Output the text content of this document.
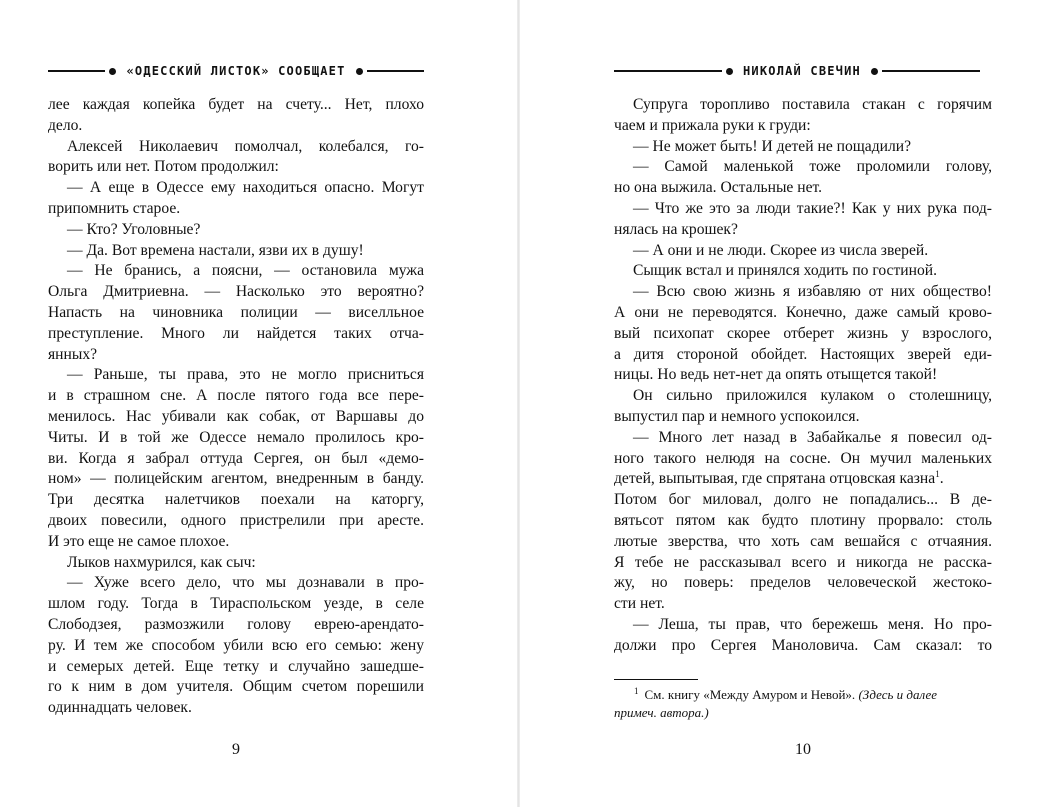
«ОДЕССКИЙ ЛИСТОК» СООБЩАЕТ
лее каждая копейка будет на счету... Нет, плохо
дело.
Алексей Николаевич помолчал, колебался, го-
ворить или нет. Потом продолжил:
— А еще в Одессе ему находиться опасно. Могут
припомнить старое.
— Кто? Уголовные?
— Да. Вот времена настали, язви их в душу!
— Не бранись, а поясни, — остановила мужа
Ольга Дмитриевна. — Насколько это вероятно?
Напасть на чиновника полиции — виселльное
преступление. Много ли найдется таких отча-
янных?
— Раньше, ты права, это не могло присниться
и в страшном сне. А после пятого года все пере-
менилось. Нас убивали как собак, от Варшавы до
Читы. И в той же Одессе немало пролилось кро-
ви. Когда я забрал оттуда Сергея, он был «демо-
ном» — полицейским агентом, внедренным в банду.
Три десятка налетчиков поехали на каторгу,
двоих повесили, одного пристрелили при аресте.
И это еще не самое плохое.
Лыков нахмурился, как сыч:
— Хуже всего дело, что мы дознавали в про-
шлом году. Тогда в Тираспольском уезде, в селе
Слободзея, размозжили голову еврею-арендато-
ру. И тем же способом убили всю его семью: жену
и семерых детей. Еще тетку и случайно зашедше-
го к ним в дом учителя. Общим счетом порешили
одиннадцать человек.
9
НИКОЛАЙ СВЕЧИН
Супруга торопливо поставила стакан с горячим
чаем и прижала руки к груди:
— Не может быть! И детей не пощадили?
— Самой маленькой тоже проломили голову,
но она выжила. Остальные нет.
— Что же это за люди такие?! Как у них рука под-
нялась на крошек?
— А они и не люди. Скорее из числа зверей.
Сыщик встал и принялся ходить по гостиной.
— Всю свою жизнь я избавляю от них общество!
А они не переводятся. Конечно, даже самый крово-
вый психопат скорее отберет жизнь у взрослого,
а дитя стороной обойдет. Настоящих зверей еди-
ницы. Но ведь нет-нет да опять отыщется такой!
Он сильно приложился кулаком о столешницу,
выпустил пар и немного успокоился.
— Много лет назад в Забайкалье я повесил од-
ного такого нелюдя на сосне. Он мучил маленьких
детей, выпытывая, где спрятана отцовская казна$^1$.
Потом бог миловал, долго не попадались... В де-
вятьсот пятом как будто плотину прорвало: столь
лютые зверства, что хоть сам вешайся с отчаяния.
Я тебе не рассказывал всего и никогда не расска-
жу, но поверь: пределов человеческой жестоко-
сти нет.
— Леша, ты прав, что бережешь меня. Но про-
должи про Сергея Маноловича. Сам сказал: то
$^1$ См. книгу «Между Амуром и Невой». (Здесь и далее
примеч. автора.)
10
